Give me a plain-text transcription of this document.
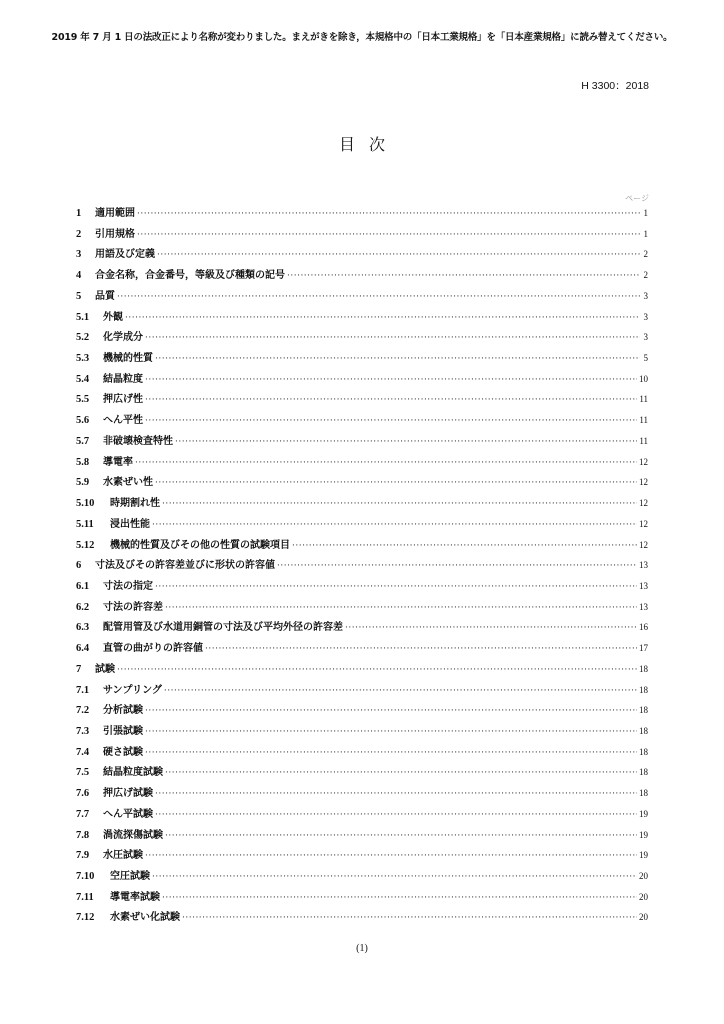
2019 年 7 月 1 日の法改正により名称が変わりました。まえがきを除き，本規格中の「日本工業規格」を「日本産業規格」に読み替えてください。
H 3300：2018
目次
ページ
1	適用範囲 ·····	1
2	引用規格 ·····	1
3	用語及び定義 ·····	2
4	合金名称，合金番号，等級及び種類の記号 ·····	2
5	品質 ·····	3
5.1	外観 ·····	3
5.2	化学成分 ·····	3
5.3	機械的性質 ·····	5
5.4	結晶粒度 ·····	10
5.5	押広げ性 ·····	11
5.6	へん平性 ·····	11
5.7	非破壊検査特性 ·····	11
5.8	導電率 ·····	12
5.9	水素ぜい性 ·····	12
5.10	時期割れ性 ·····	12
5.11	浸出性能 ·····	12
5.12	機械的性質及びその他の性質の試験項目 ·····	12
6	寸法及びその許容差並びに形状の許容値 ·····	13
6.1	寸法の指定 ·····	13
6.2	寸法の許容差 ·····	13
6.3	配管用管及び水道用銅管の寸法及び平均外径の許容差 ·····	16
6.4	直管の曲がりの許容値 ·····	17
7	試験 ·····	18
7.1	サンプリング ·····	18
7.2	分析試験 ·····	18
7.3	引張試験 ·····	18
7.4	硬さ試験 ·····	18
7.5	結晶粒度試験 ·····	18
7.6	押広げ試験 ·····	18
7.7	へん平試験 ·····	19
7.8	渦流探傷試験 ·····	19
7.9	水圧試験 ·····	19
7.10	空圧試験 ·····	20
7.11	導電率試験 ·····	20
7.12	水素ぜい化試験 ·····	20
(1)
